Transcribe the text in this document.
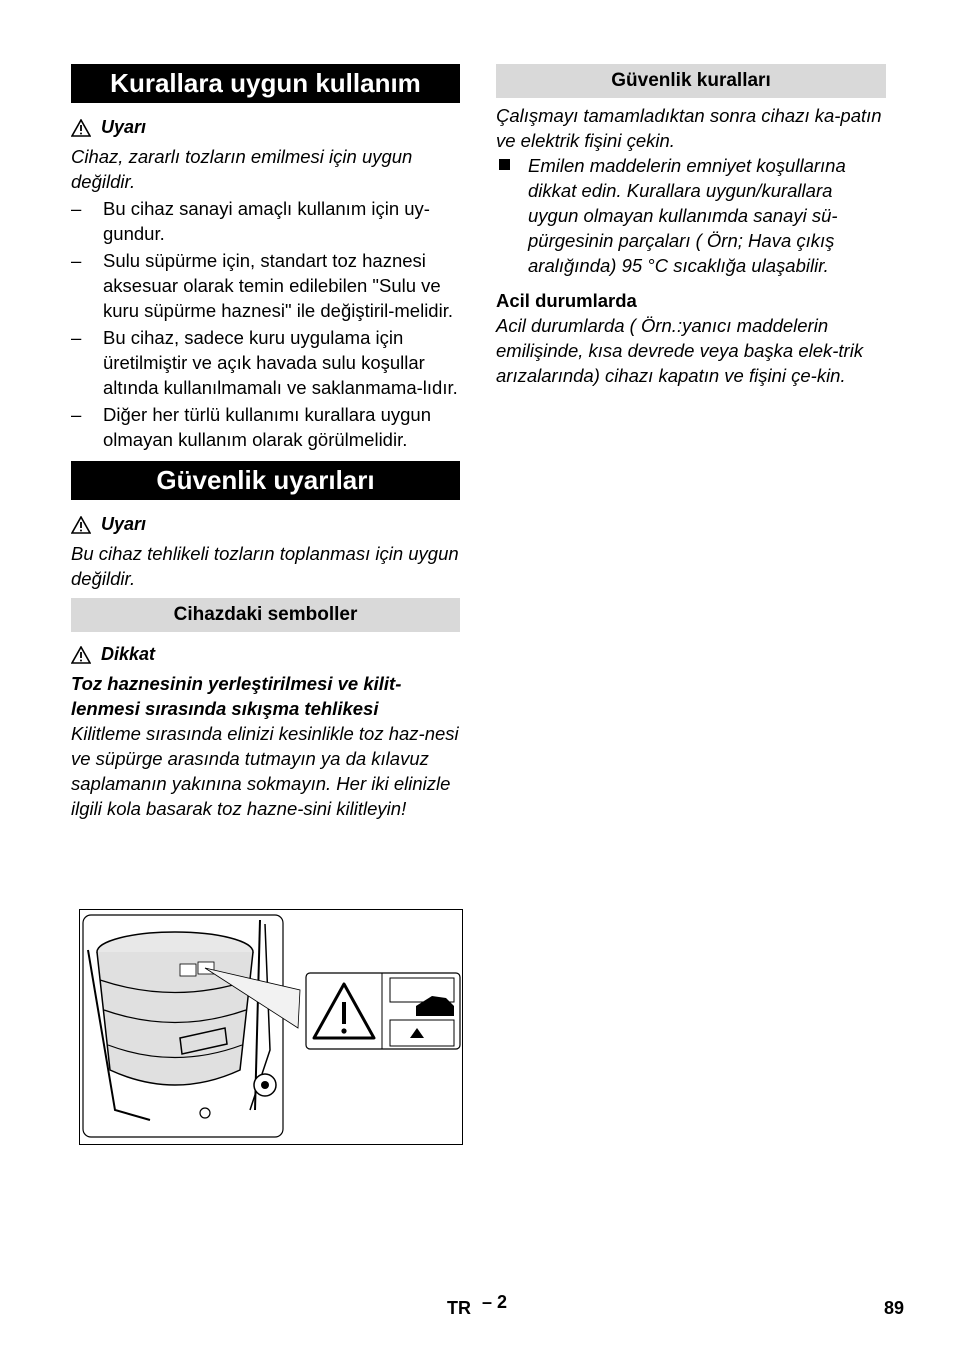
Kurallara uygun kullanım
Uyarı

Cihaz, zararlı tozların emilmesi için uygun değildir.

– Bu cihaz sanayi amaçlı kullanım için uy-gundur.
– Sulu süpürme için, standart toz haznesi aksesuar olarak temin edilebilen "Sulu ve kuru süpürme haznesi" ile değiştiril-melidir.
– Bu cihaz, sadece kuru uygulama için üretilmiştir ve açık havada sulu koşullar altında kullanılmamalı ve saklanmama-lıdır.
– Diğer her türlü kullanımı kurallara uygun olmayan kullanım olarak görülmelidir.
Güvenlik uyarıları
Uyarı

Bu cihaz tehlikeli tozların toplanması için uygun değildir.

Cihazdaki semboller
Dikkat

Toz haznesinin yerleştirilmesi ve kilit-lenmesi sırasında sıkışma tehlikesi

Kilitleme sırasında elinizi kesinlikle toz haz-nesi ve süpürge arasında tutmayın ya da kılavuz saplamanın yakınına sokmayın. Her iki elinizle ilgili kola basarak toz hazne-sini kilitleyin!

Güvenlik kuralları

Çalışmayı tamamladıktan sonra cihazı ka-patın ve elektrik fişini çekin.

Emilen maddelerin emniyet koşullarına dikkat edin. Kurallara uygun/kurallara uygun olmayan kullanımda sanayi sü-pürgesinin parçaları ( Örn; Hava çıkış aralığında) 95 °C sıcaklığa ulaşabilir.

Acil durumlarda

Acil durumlarda ( Örn.:yanıcı maddelerin emilişinde, kısa devrede veya başka elek-trik arızalarında) cihazı kapatın ve fişini çe-kin.

TR – 2	89
